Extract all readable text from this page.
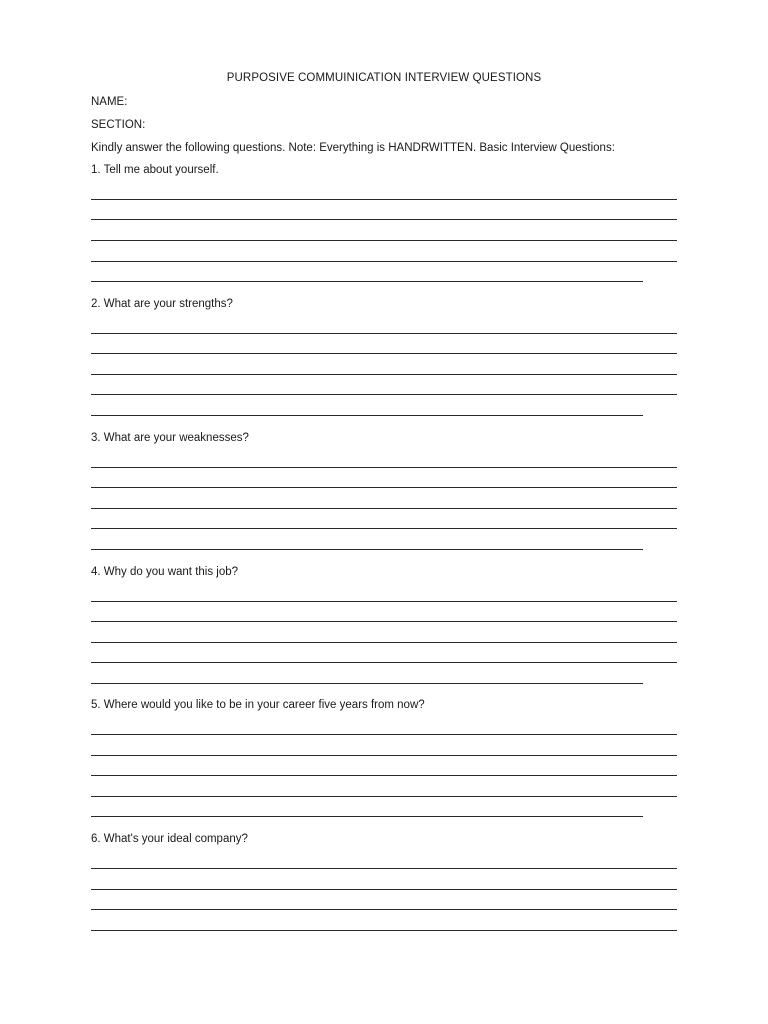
PURPOSIVE COMMUINICATION INTERVIEW QUESTIONS
NAME:
SECTION:
Kindly answer the following questions. Note: Everything is HANDRWITTEN. Basic Interview Questions:
1. Tell me about yourself.
2. What are your strengths?
3. What are your weaknesses?
4. Why do you want this job?
5. Where would you like to be in your career five years from now?
6. What's your ideal company?
